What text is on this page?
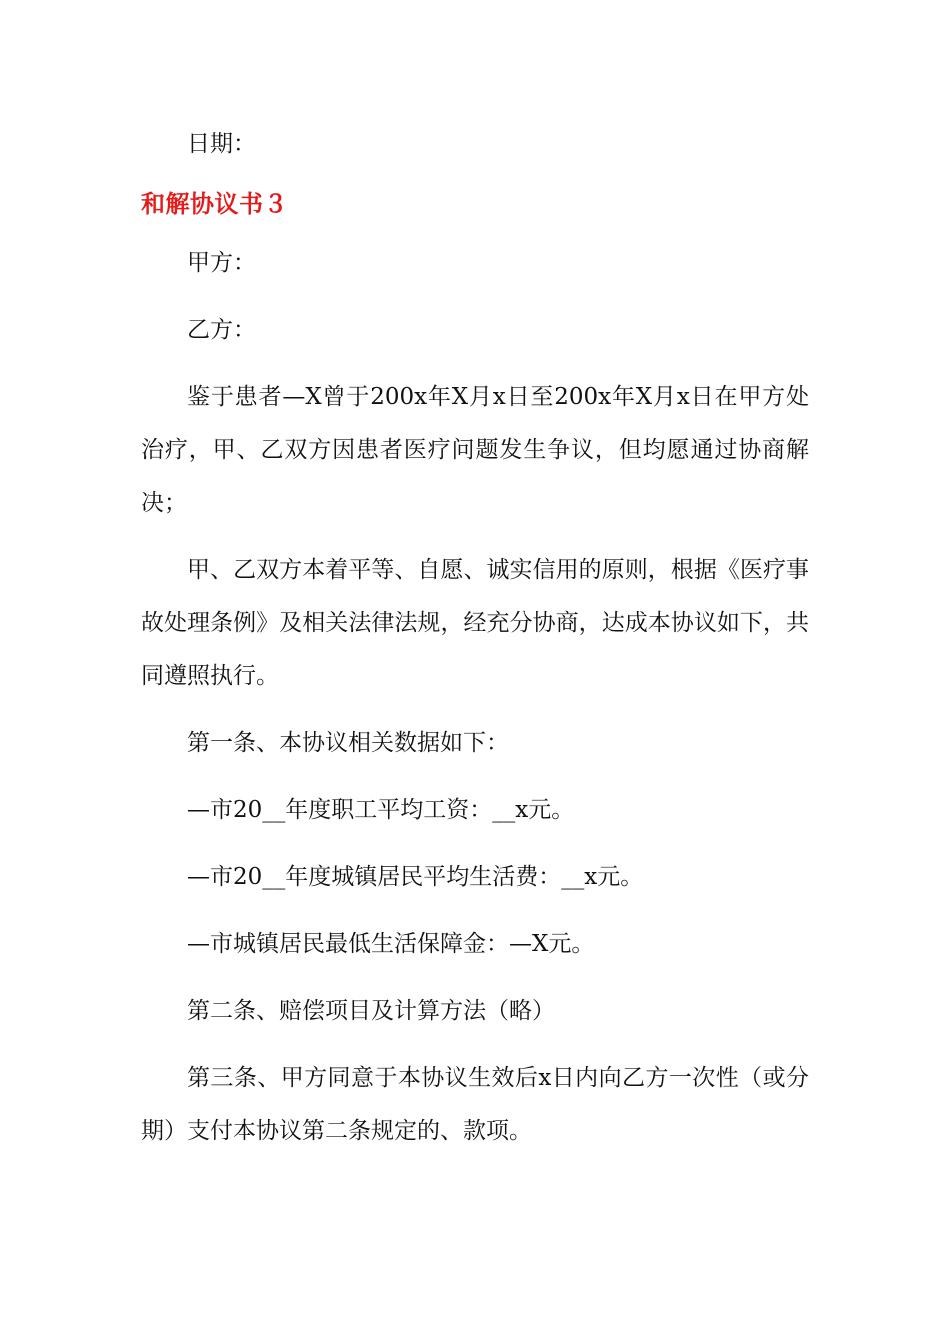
日期：

和解协议书３

甲方：

乙方：

鉴于患者—X曾于200x年X月x日至200x年X月x日在甲方处治疗，甲、乙双方因患者医疗问题发生争议，但均愿通过协商解决；

甲、乙双方本着平等、自愿、诚实信用的原则，根据《医疗事故处理条例》及相关法律法规，经充分协商，达成本协议如下，共同遵照执行。

第一条、本协议相关数据如下：

—市20__年度职工平均工资：__x元。

—市20__年度城镇居民平均生活费：__x元。

—市城镇居民最低生活保障金：—X元。

第二条、赔偿项目及计算方法（略）

第三条、甲方同意于本协议生效后x日内向乙方一次性（或分期）支付本协议第二条规定的、款项。
